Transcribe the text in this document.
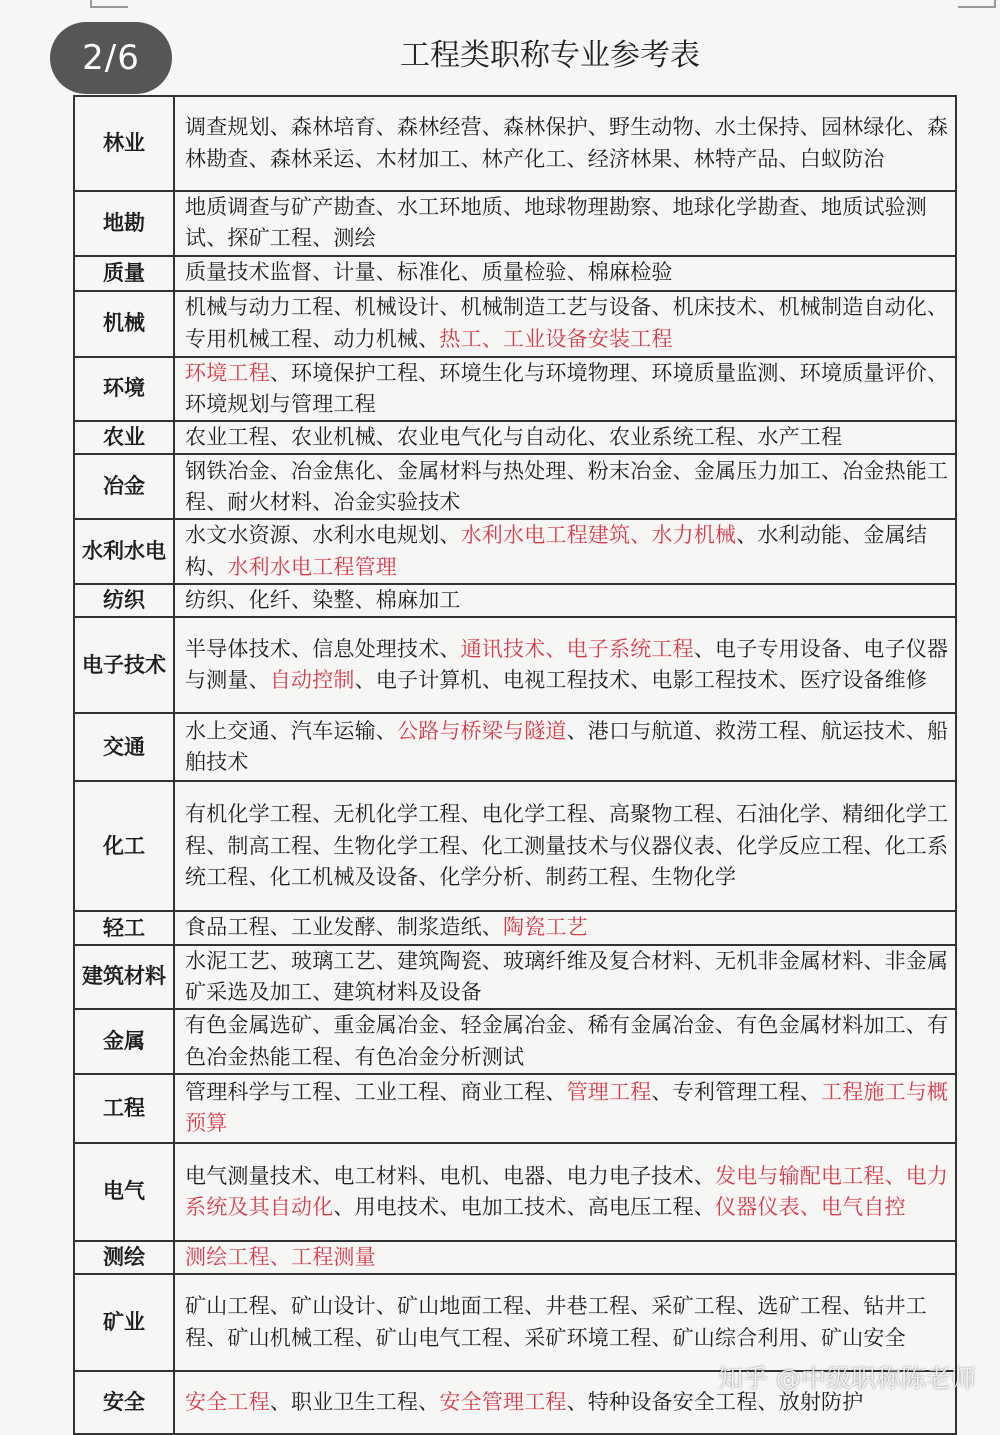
2/6	工程类职称专业参考表
林业	调查规划、森林培育、森林经营、森林保护、野生动物、水土保持、园林绿化、森林勘查、森林采运、木材加工、林产化工、经济林果、林特产品、白蚁防治
地勘	地质调查与矿产勘查、水工环地质、地球物理勘察、地球化学勘查、地质试验测试、探矿工程、测绘
质量	质量技术监督、计量、标准化、质量检验、棉麻检验
机械	机械与动力工程、机械设计、机械制造工艺与设备、机床技术、机械制造自动化、专用机械工程、动力机械、热工、工业设备安装工程
环境	环境工程、环境保护工程、环境生化与环境物理、环境质量监测、环境质量评价、环境规划与管理工程
农业	农业工程、农业机械、农业电气化与自动化、农业系统工程、水产工程
冶金	钢铁冶金、冶金焦化、金属材料与热处理、粉末冶金、金属压力加工、冶金热能工程、耐火材料、冶金实验技术
水利水电	水文水资源、水利水电规划、水利水电工程建筑、水力机械、水利动能、金属结构、水利水电工程管理
纺织	纺织、化纤、染整、棉麻加工
电子技术	半导体技术、信息处理技术、通讯技术、电子系统工程、电子专用设备、电子仪器与测量、自动控制、电子计算机、电视工程技术、电影工程技术、医疗设备维修
交通	水上交通、汽车运输、公路与桥梁与隧道、港口与航道、救涝工程、航运技术、船舶技术
化工	有机化学工程、无机化学工程、电化学工程、高聚物工程、石油化学、精细化学工程、制高工程、生物化学工程、化工测量技术与仪器仪表、化学反应工程、化工系统工程、化工机械及设备、化学分析、制药工程、生物化学
轻工	食品工程、工业发酵、制浆造纸、陶瓷工艺
建筑材料	水泥工艺、玻璃工艺、建筑陶瓷、玻璃纤维及复合材料、无机非金属材料、非金属矿采选及加工、建筑材料及设备
金属	有色金属选矿、重金属冶金、轻金属冶金、稀有金属冶金、有色金属材料加工、有色冶金热能工程、有色冶金分析测试
工程	管理科学与工程、工业工程、商业工程、管理工程、专利管理工程、工程施工与概预算
电气	电气测量技术、电工材料、电机、电器、电力电子技术、发电与输配电工程、电力系统及其自动化、用电技术、电加工技术、高电压工程、仪器仪表、电气自控
测绘	测绘工程、工程测量
矿业	矿山工程、矿山设计、矿山地面工程、井巷工程、采矿工程、选矿工程、钻井工程、矿山机械工程、矿山电气工程、采矿环境工程、矿山综合利用、矿山安全
安全	安全工程、职业卫生工程、安全管理工程、特种设备安全工程、放射防护
知乎 @中级职称陈老师
